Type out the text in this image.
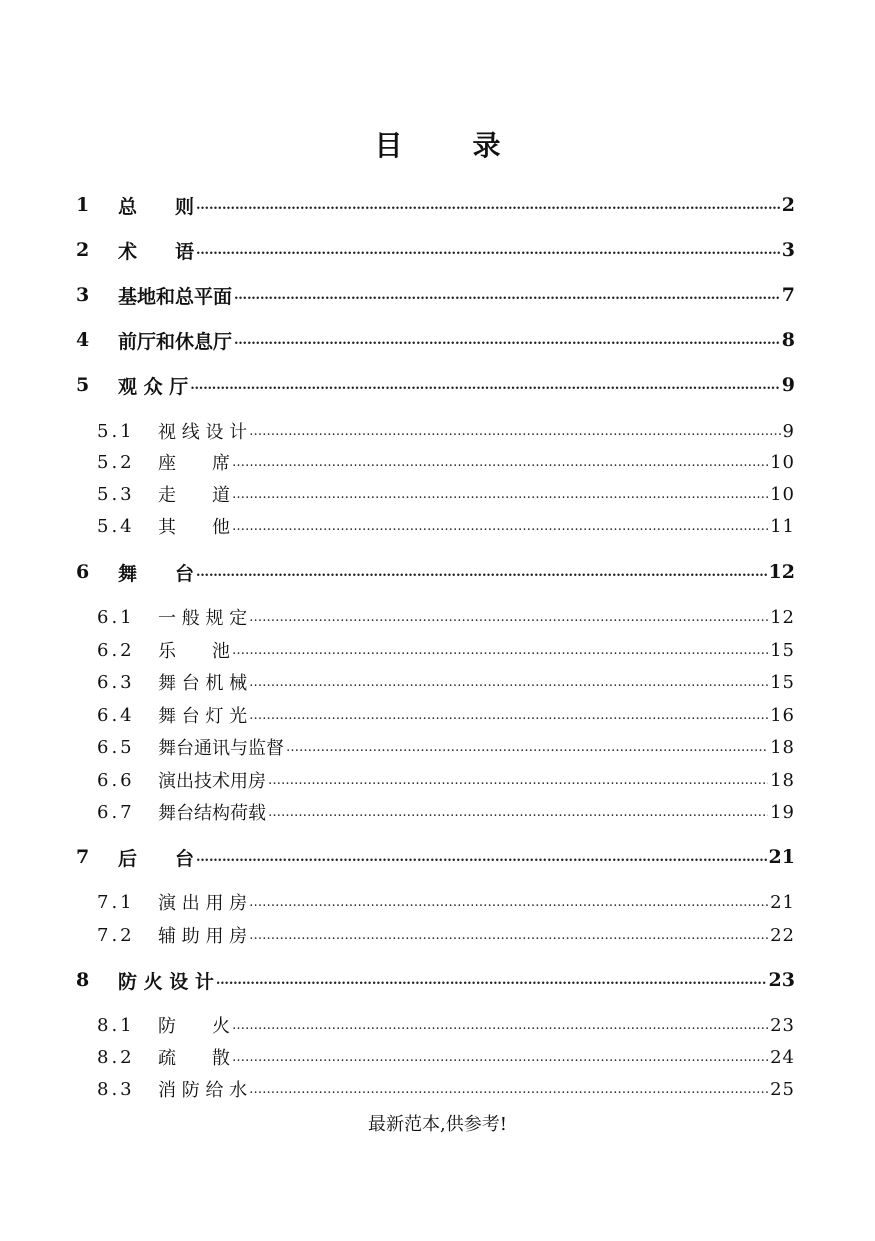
目	录
1 总　　则 ……………………………………………………………………………………………………………………………………………………………………	2
2 术　　语 ……………………………………………………………………………………………………………………………………………………………………	3
3 基地和总平面 ……………………………………………………………………………………………………………………………………………………………………	7
4 前厅和休息厅 ……………………………………………………………………………………………………………………………………………………………………	8
5 观 众 厅 ……………………………………………………………………………………………………………………………………………………………………	9
5.1 视 线 设 计 ……………………………………………………………………………………………………………………………………………………………………	9
5.2 座　　席 ……………………………………………………………………………………………………………………………………………………………………	10
5.3 走　　道 ……………………………………………………………………………………………………………………………………………………………………	10
5.4 其　　他 ……………………………………………………………………………………………………………………………………………………………………	11
6 舞　　台 ……………………………………………………………………………………………………………………………………………………………………	12
6.1 一 般 规 定 ……………………………………………………………………………………………………………………………………………………………………	12
6.2 乐　　池 ……………………………………………………………………………………………………………………………………………………………………	15
6.3 舞 台 机 械 ……………………………………………………………………………………………………………………………………………………………………	15
6.4 舞 台 灯 光 ……………………………………………………………………………………………………………………………………………………………………	16
6.5 舞台通讯与监督 ……………………………………………………………………………………………………………………………………………………………………	18
6.6 演出技术用房 ……………………………………………………………………………………………………………………………………………………………………	18
6.7 舞台结构荷载 ……………………………………………………………………………………………………………………………………………………………………	19
7 后　　台 ……………………………………………………………………………………………………………………………………………………………………	21
7.1 演 出 用 房 ……………………………………………………………………………………………………………………………………………………………………	21
7.2 辅 助 用 房 ……………………………………………………………………………………………………………………………………………………………………	22
8 防 火 设 计 ……………………………………………………………………………………………………………………………………………………………………	23
8.1 防　　火 ……………………………………………………………………………………………………………………………………………………………………	23
8.2 疏　　散 ……………………………………………………………………………………………………………………………………………………………………	24
8.3 消 防 给 水 ……………………………………………………………………………………………………………………………………………………………………	25
最新范本,供参考!
